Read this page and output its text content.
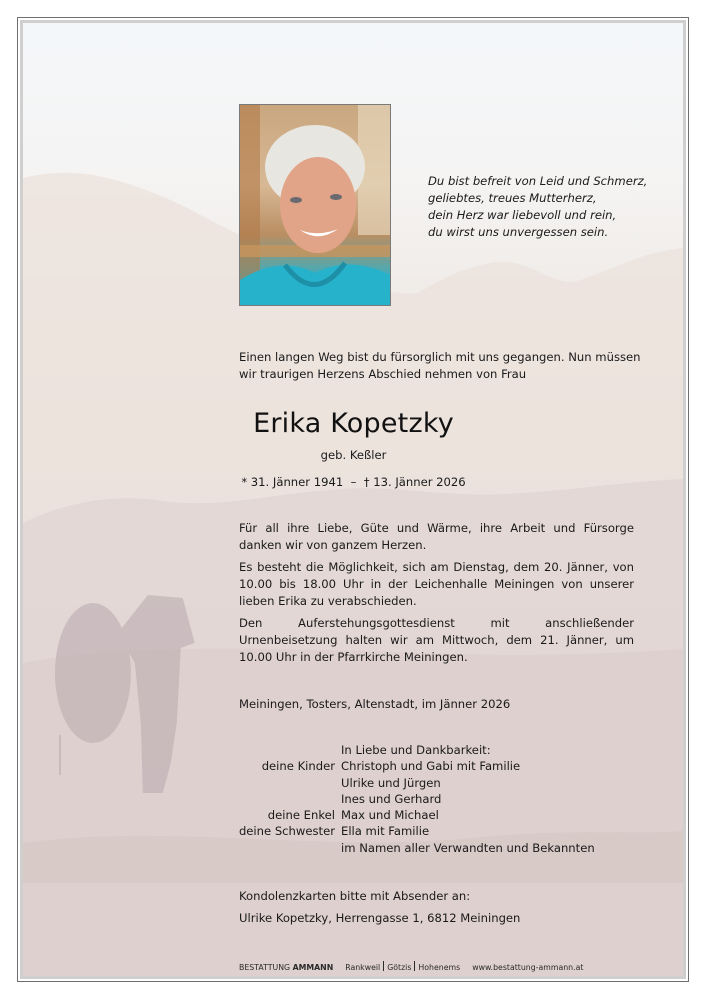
Du bist befreit von Leid und Schmerz,
geliebtes, treues Mutterherz,
dein Herz war liebevoll und rein,
du wirst uns unvergessen sein.
Einen langen Weg bist du fürsorglich mit uns gegangen. Nun müssen
wir traurigen Herzens Abschied nehmen von Frau
Erika Kopetzky
geb. Keßler
* 31. Jänner 1941  –  † 13. Jänner 2026

Für all ihre Liebe, Güte und Wärme, ihre Arbeit und Fürsorge danken wir von ganzem Herzen.

Es besteht die Möglichkeit, sich am Dienstag, dem 20. Jänner, von 10.00 bis 18.00 Uhr in der Leichenhalle Meiningen von unserer lieben Erika zu verabschieden.

Den Auferstehungsgottesdienst mit anschließender Urnenbeisetzung halten wir am Mittwoch, dem 21. Jänner, um 10.00 Uhr in der Pfarrkirche Meiningen.

Meiningen, Tosters, Altenstadt, im Jänner 2026
In Liebe und Dankbarkeit:
deine Kinder Christoph und Gabi mit Familie
Ulrike und Jürgen
Ines und Gerhard
deine Enkel Max und Michael
deine Schwester Ella mit Familie
im Namen aller Verwandten und Bekannten
Kondolenzkarten bitte mit Absender an:
Ulrike Kopetzky, Herrengasse 1, 6812 Meiningen
BESTATTUNG AMMANN Rankweil Götzis Hohenems www.bestattung-ammann.at
